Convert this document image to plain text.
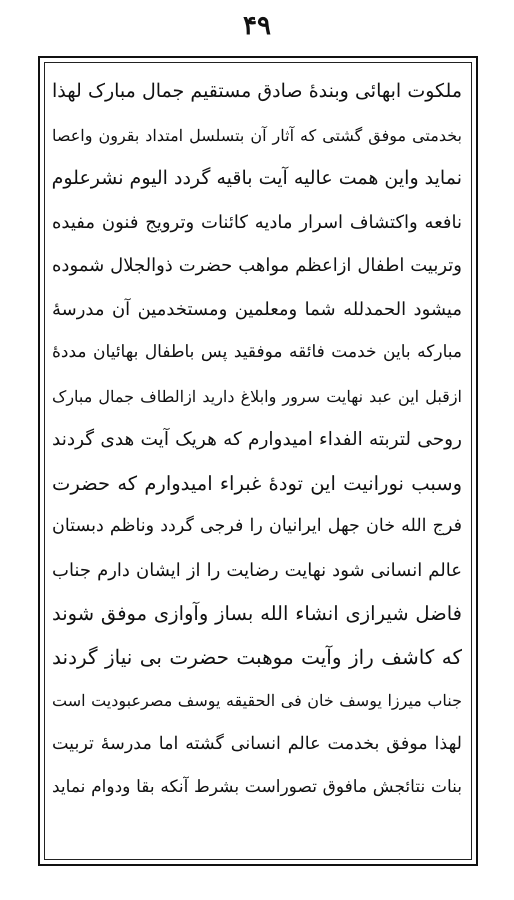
۴۹
ملکوت ابهائی وبندهٔ صادق مستقیم جمال مبارک لهذا
بخدمتی موفق گشتی که آثار آن بتسلسل امتداد بقرون واعصا
نماید واین همت عالیه آیت باقیه گردد الیوم نشرعلوم
نافعه واکتشاف اسرار مادیه کائنات وترویج فنون مفیده
وتربیت اطفال ازاعظم مواهب حضرت ذوالجلال شموده
میشود الحمدلله شما ومعلمین ومستخدمین آن مدرسهٔ
مبارکه باین خدمت فائقه موفقید پس باطفال بهائیان مددهٔ
ازقبل این عبد نهایت سرور وابلاغ دارید ازالطاف جمال مبارک
روحی لتربته الفداء امیدوارم که هریک آیت هدی گردند
وسبب نورانیت این تودهٔ غبراء امیدوارم که حضرت
فرج الله خان جهل ایرانیان را فرجی گردد وناظم دبستان
عالم انسانی شود نهایت رضایت را از ایشان دارم جناب
فاضل شیرازی انشاء الله بساز وآوازی موفق شوند
که کاشف راز وآیت موهبت حضرت بی نیاز گردند
جناب میرزا یوسف خان فی الحقیقه یوسف مصرعبودیت است
لهذا موفق بخدمت عالم انسانی گشته اما مدرسهٔ تربیت
بنات نتائجش مافوق تصوراست بشرط آنکه بقا ودوام نماید
